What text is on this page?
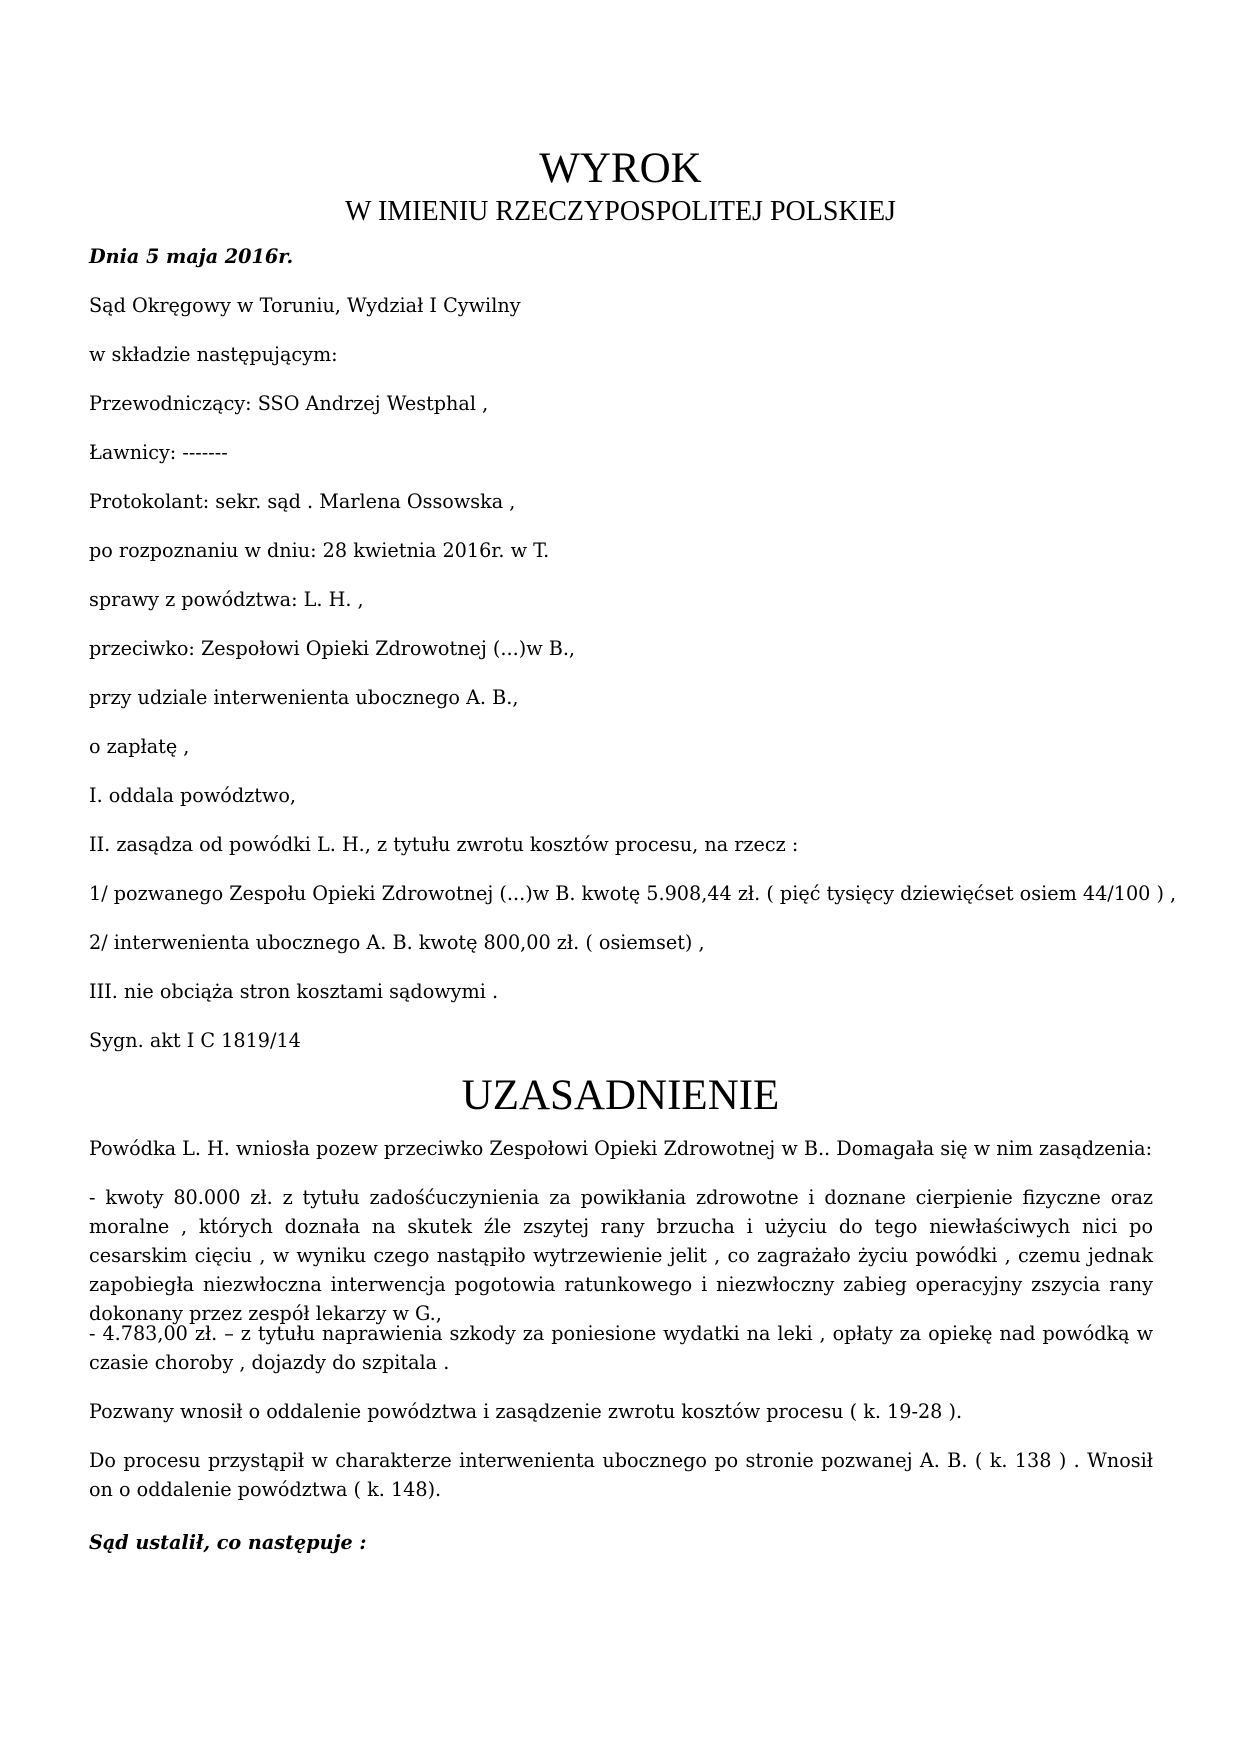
WYROK
W IMIENIU RZECZYPOSPOLITEJ POLSKIEJ
Dnia 5 maja 2016r.
Sąd Okręgowy w Toruniu, Wydział I Cywilny
w składzie następującym:
Przewodniczący: SSO Andrzej Westphal ,
Ławnicy: -------
Protokolant: sekr. sąd . Marlena Ossowska ,
po rozpoznaniu w dniu: 28 kwietnia 2016r. w T.
sprawy z powództwa: L. H. ,
przeciwko: Zespołowi Opieki Zdrowotnej (...)w B.,
przy udziale interwenienta ubocznego A. B.,
o zapłatę ,
I. oddala powództwo,
II. zasądza od powódki L. H., z tytułu zwrotu kosztów procesu, na rzecz :
1/ pozwanego Zespołu Opieki Zdrowotnej (...)w B. kwotę 5.908,44 zł. ( pięć tysięcy dziewięćset osiem 44/100 ) ,
2/ interwenienta ubocznego A. B. kwotę 800,00 zł. ( osiemset) ,
III. nie obciąża stron kosztami sądowymi .
Sygn. akt I C 1819/14
UZASADNIENIE
Powódka L. H. wniosła pozew przeciwko Zespołowi Opieki Zdrowotnej w B.. Domagała się w nim zasądzenia:
- kwoty 80.000 zł. z tytułu zadośćuczynienia za powikłania zdrowotne i doznane cierpienie fizyczne oraz moralne , których doznała na skutek źle zszytej rany brzucha i użyciu do tego niewłaściwych nici po cesarskim cięciu , w wyniku czego nastąpiło wytrzewienie jelit , co zagrażało życiu powódki , czemu jednak zapobiegła niezwłoczna interwencja pogotowia ratunkowego i niezwłoczny zabieg operacyjny zszycia rany dokonany przez zespół lekarzy w G.,
- 4.783,00 zł. – z tytułu naprawienia szkody za poniesione wydatki na leki , opłaty za opiekę nad powódką w czasie choroby , dojazdy do szpitala .
Pozwany wnosił o oddalenie powództwa i zasądzenie zwrotu kosztów procesu ( k. 19-28 ).
Do procesu przystąpił w charakterze interwenienta ubocznego po stronie pozwanej A. B. ( k. 138 ) . Wnosił on o oddalenie powództwa ( k. 148).
Sąd ustalił, co następuje :
